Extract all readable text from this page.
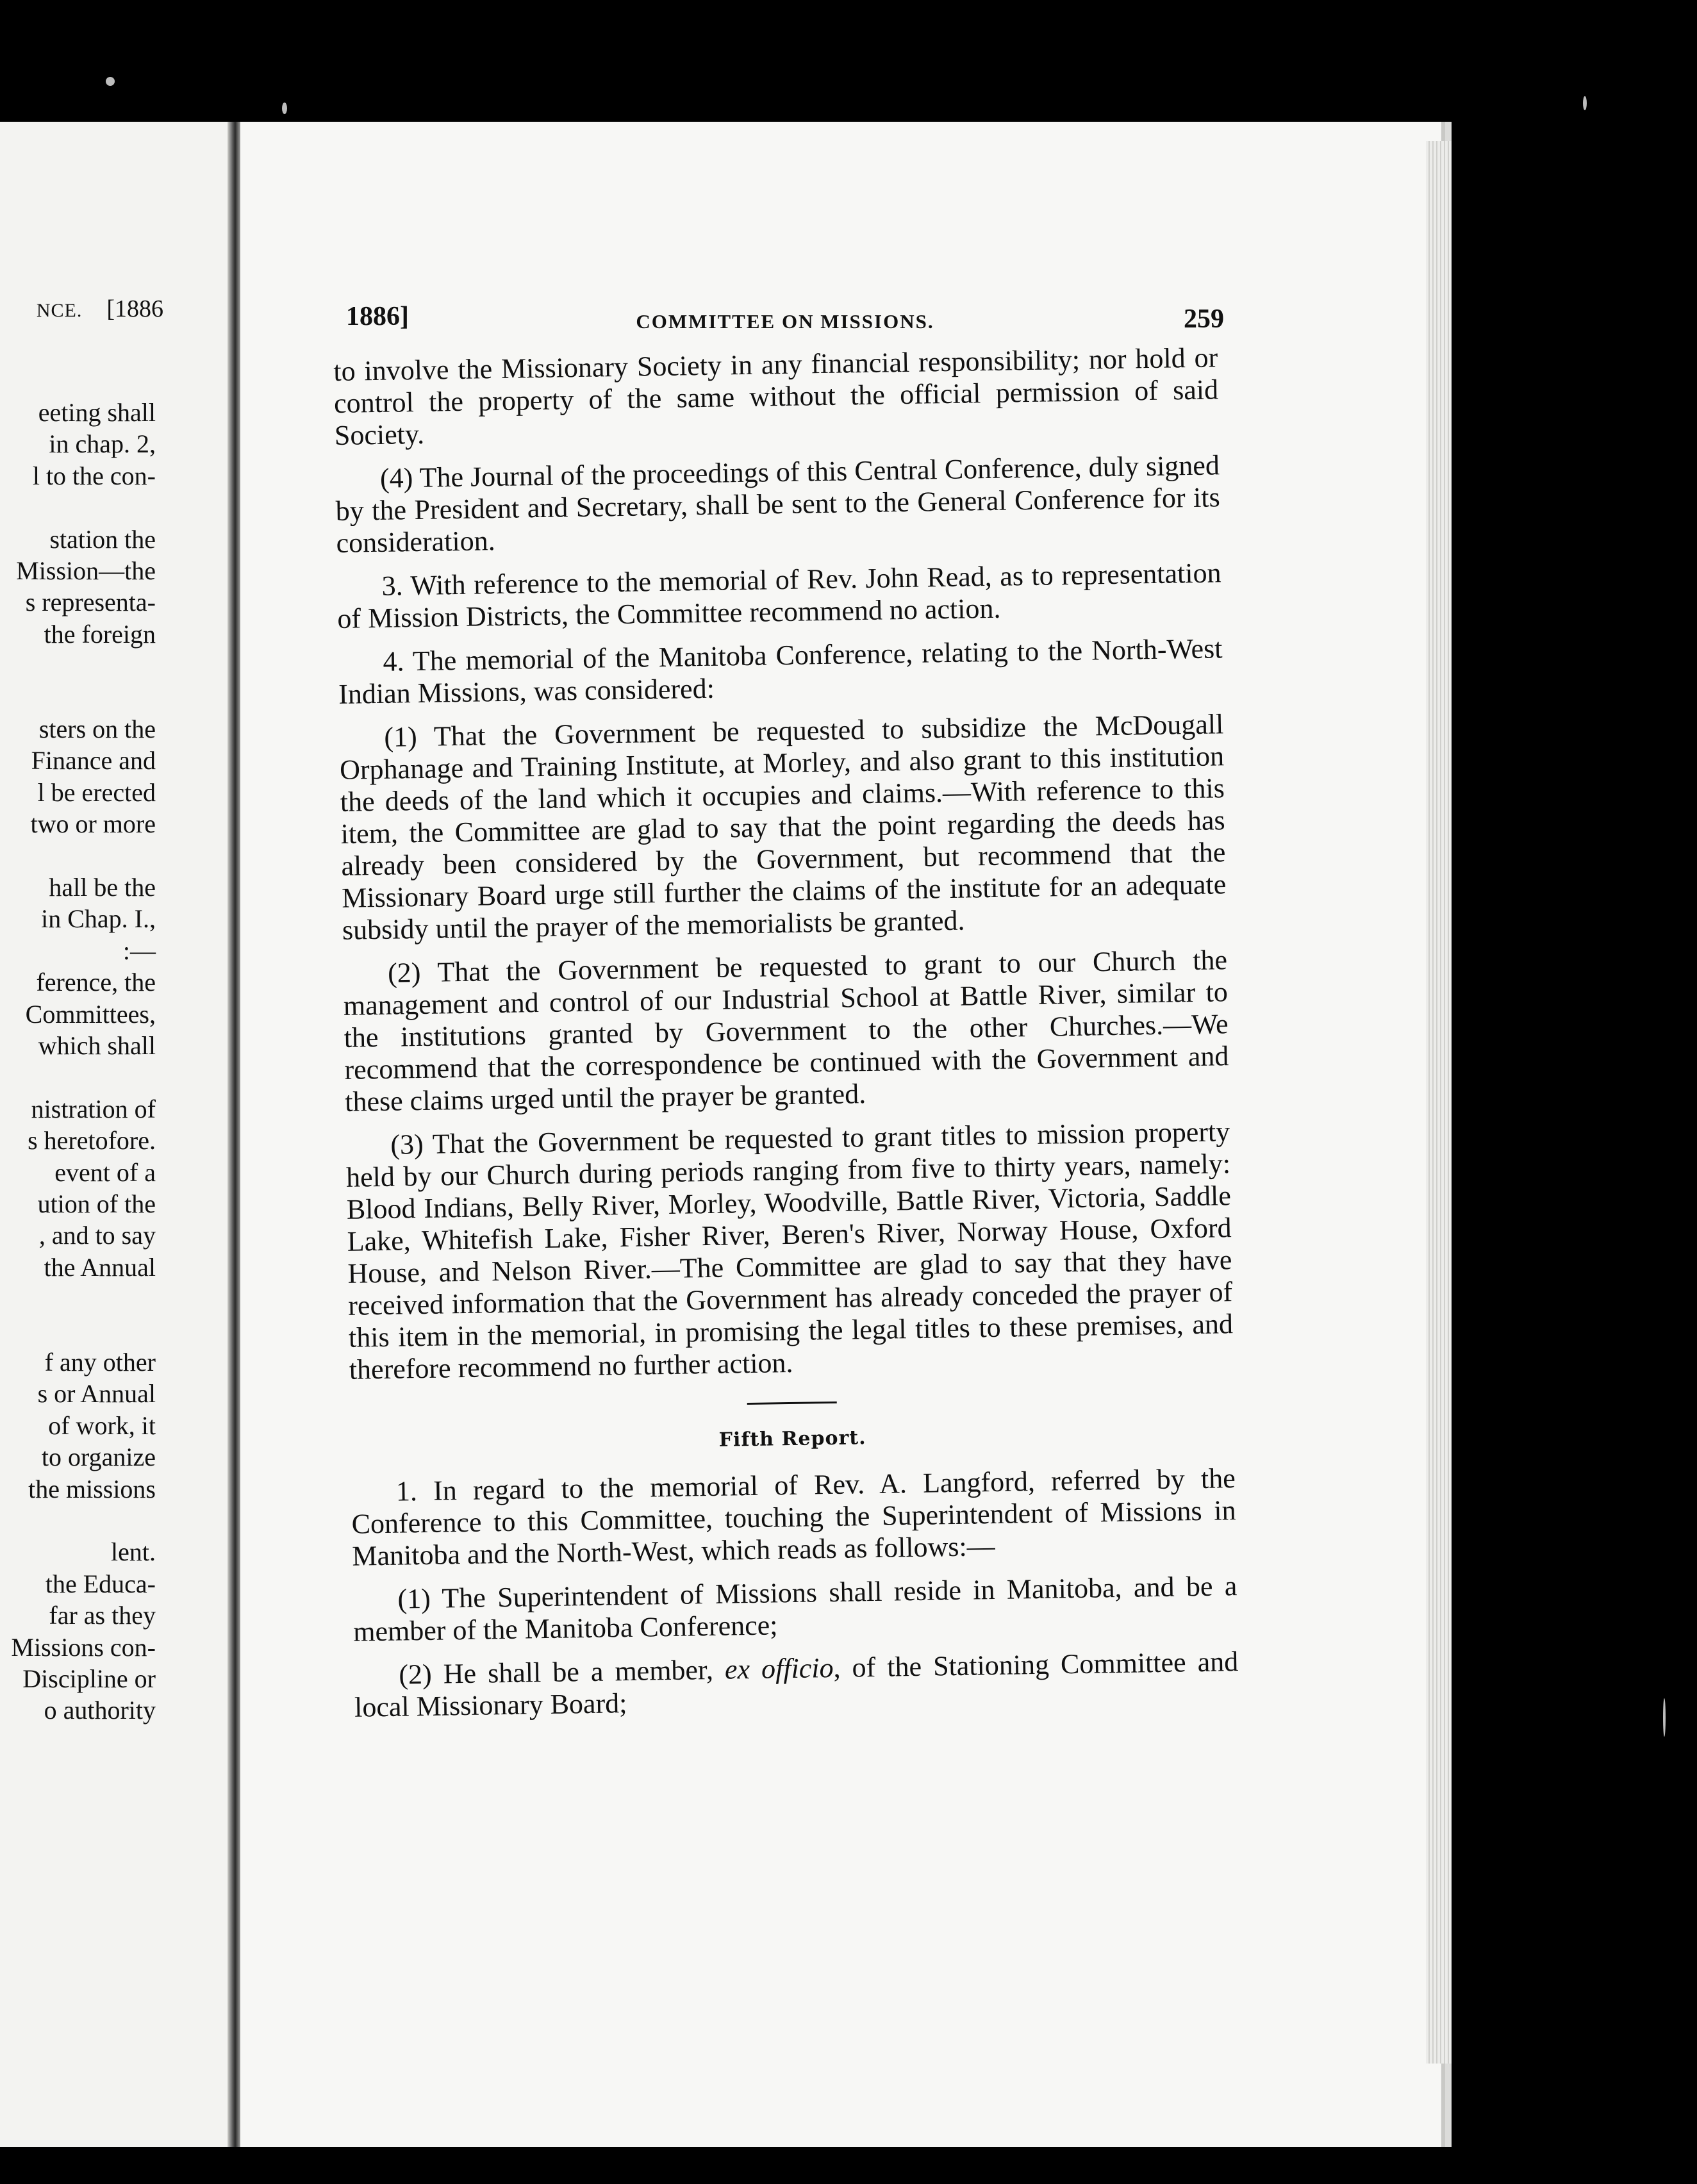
NCE. [1886
eeting shall
in chap. 2,
l to the con-
station the
Mission—the
s representa-
the foreign
sters on the
Finance and
l be erected
two or more
hall be the
in Chap. I.,
:—
ference, the
Committees,
which shall
nistration of
s heretofore.
event of a
ution of the
, and to say
the Annual
f any other
s or Annual
of work, it
to organize
the missions
lent.
the Educa-
far as they
Missions con-
Discipline or
o authority
1886]	COMMITTEE ON MISSIONS.	259

to involve the Missionary Society in any financial responsibility; nor hold or control the property of the same without the official permission of said Society.

(4) The Journal of the proceedings of this Central Conference, duly signed by the President and Secretary, shall be sent to the General Conference for its consideration.

3. With reference to the memorial of Rev. John Read, as to representation of Mission Districts, the Committee recommend no action.

4. The memorial of the Manitoba Conference, relating to the North-West Indian Missions, was considered:

(1) That the Government be requested to subsidize the McDougall Orphanage and Training Institute, at Morley, and also grant to this institution the deeds of the land which it occupies and claims.—With reference to this item, the Committee are glad to say that the point regarding the deeds has already been considered by the Government, but recommend that the Missionary Board urge still further the claims of the institute for an adequate subsidy until the prayer of the memorialists be granted.

(2) That the Government be requested to grant to our Church the management and control of our Industrial School at Battle River, similar to the institutions granted by Government to the other Churches.—We recommend that the correspondence be continued with the Government and these claims urged until the prayer be granted.

(3) That the Government be requested to grant titles to mission property held by our Church during periods ranging from five to thirty years, namely: Blood Indians, Belly River, Morley, Woodville, Battle River, Victoria, Saddle Lake, Whitefish Lake, Fisher River, Beren's River, Norway House, Oxford House, and Nelson River.—The Committee are glad to say that they have received information that the Government has already conceded the prayer of this item in the memorial, in promising the legal titles to these premises, and therefore recommend no further action.

Fifth Report.

1. In regard to the memorial of Rev. A. Langford, referred by the Conference to this Committee, touching the Superintendent of Missions in Manitoba and the North-West, which reads as follows:—

(1) The Superintendent of Missions shall reside in Manitoba, and be a member of the Manitoba Conference;

(2) He shall be a member, ex officio, of the Stationing Committee and local Missionary Board;
